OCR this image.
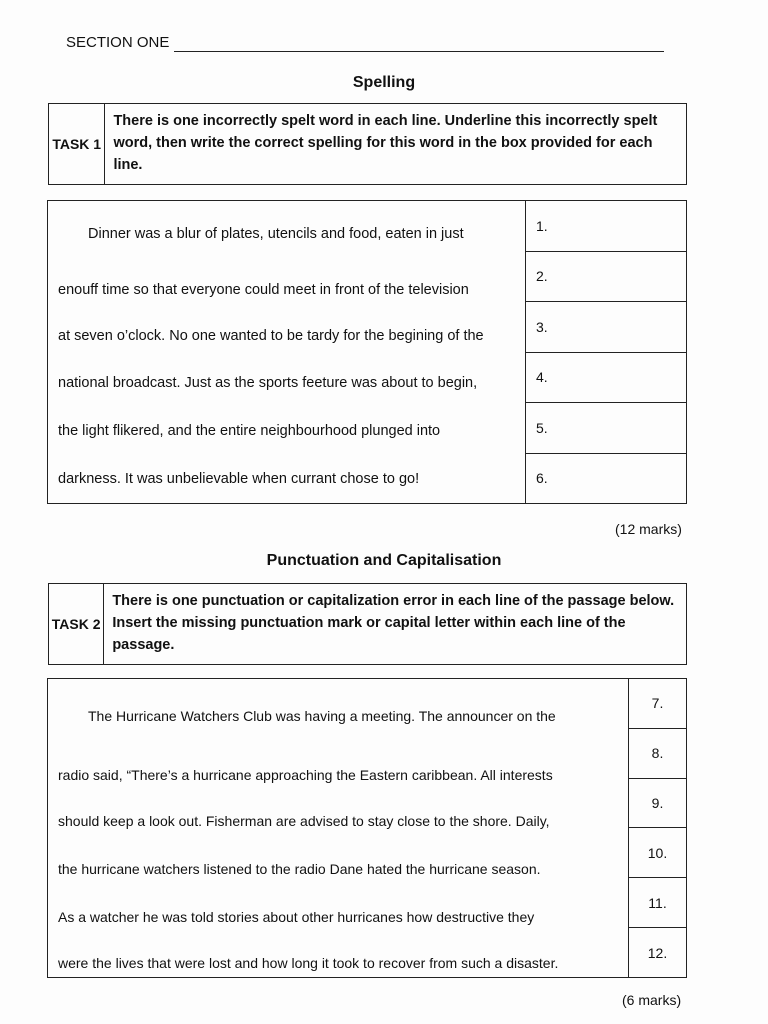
SECTION ONE
Spelling
TASK 1
There is one incorrectly spelt word in each line. Underline this incorrectly spelt word, then write the correct spelling for this word in the box provided for each line.
Dinner was a blur of plates, utencils and food, eaten in just
enouff time so that everyone could meet in front of the television
at seven o’clock. No one wanted to be tardy for the begining of the
national broadcast. Just as the sports feeture was about to begin,
the light flikered, and the entire neighbourhood plunged into
darkness. It was unbelievable when currant chose to go!
1.
2.
3.
4.
5.
6.
(12 marks)
Punctuation and Capitalisation
TASK 2
There is one punctuation or capitalization error in each line of the passage below. Insert the missing punctuation mark or capital letter within each line of the passage.
The Hurricane Watchers Club was having a meeting. The announcer on the
radio said, “There’s a hurricane approaching the Eastern caribbean. All interests
should keep a look out. Fisherman are advised to stay close to the shore. Daily,
the hurricane watchers listened to the radio Dane hated the hurricane season.
As a watcher he was told stories about other hurricanes how destructive they
were the lives that were lost and how long it took to recover from such a disaster.
7.
8.
9.
10.
11.
12.
(6 marks)
